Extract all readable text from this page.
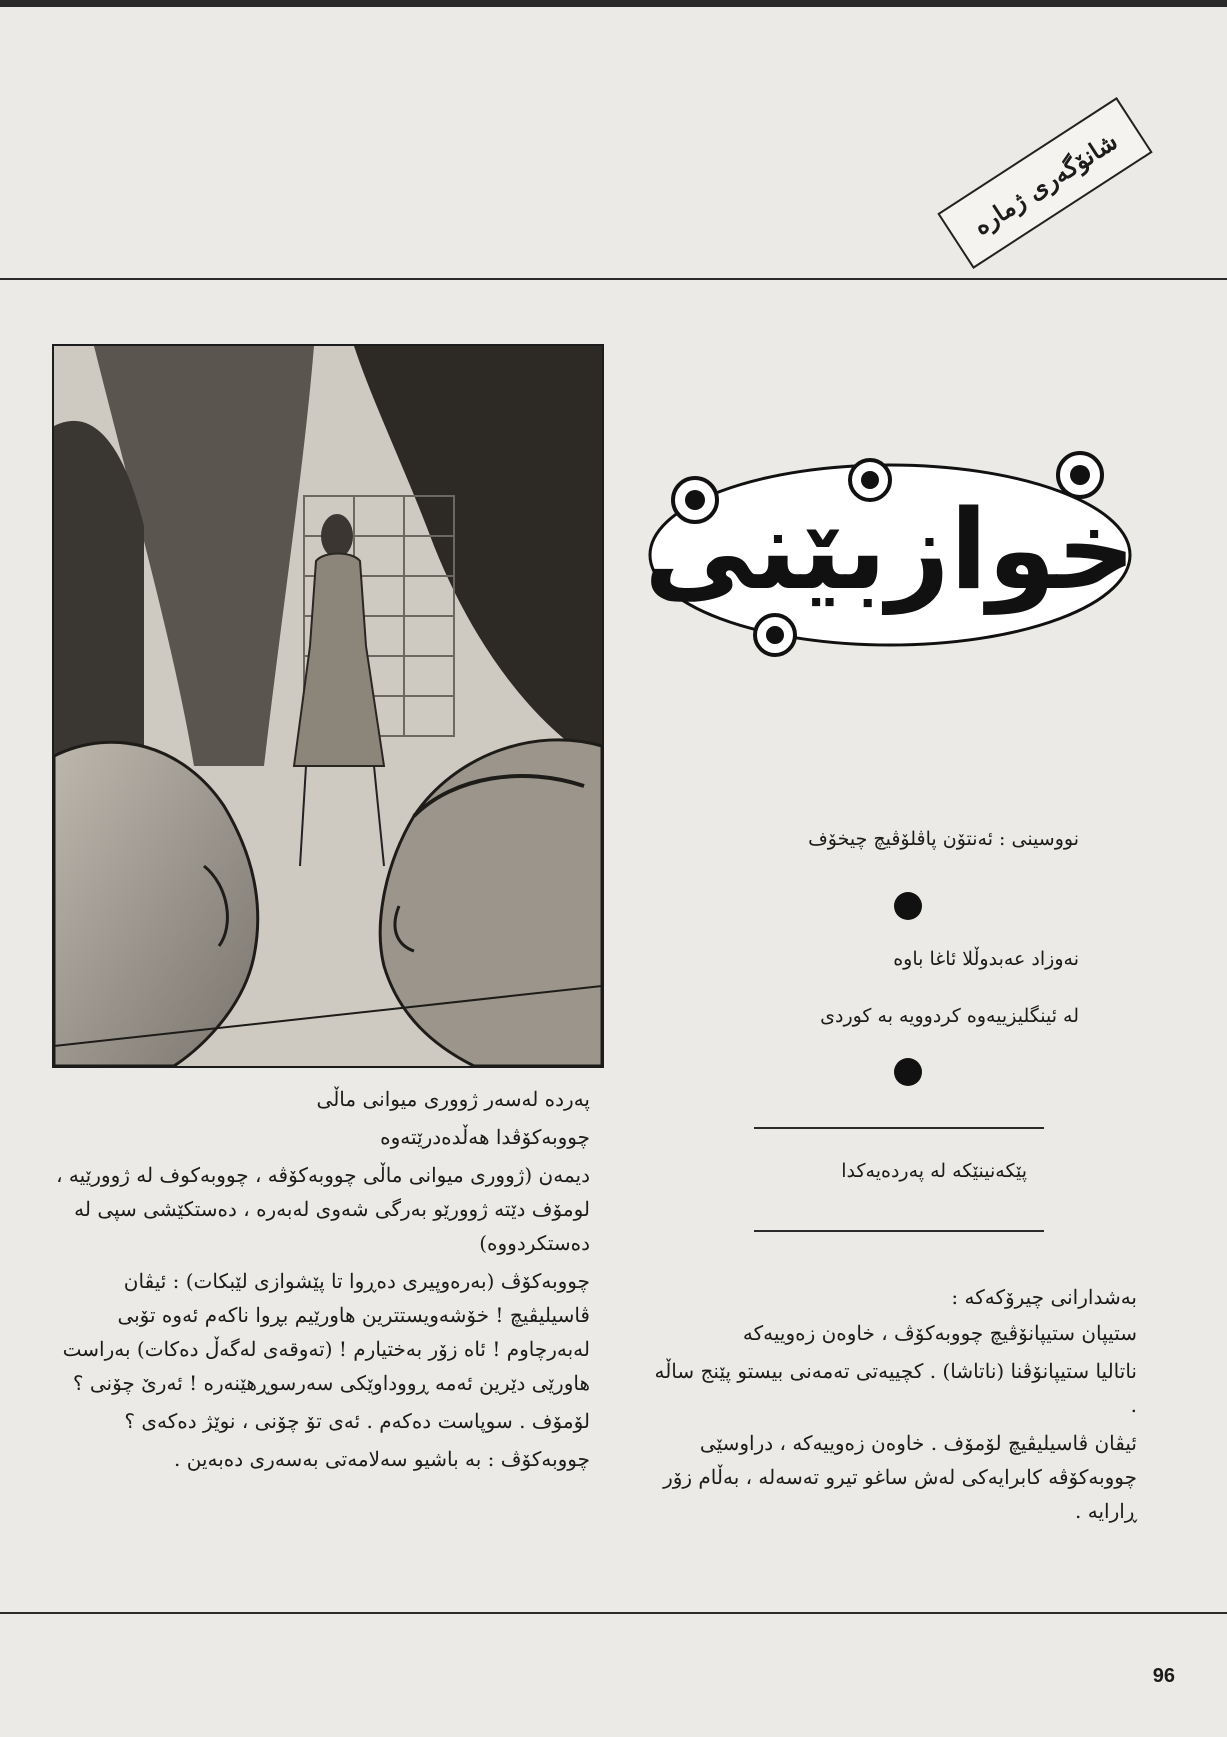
شانۆگەری ژمارە
خوازبێنی
نووسینی : ئەنتۆن پاڤلۆڤیچ چیخۆف
نەوزاد عەبدوڵلا ئاغا باوە
لە ئینگلیزییەوە کردوویە بە کوردی
پێکەنینێکە لە پەردەیەکدا

پەردە لەسەر ژووری میوانی ماڵی

چووبەکۆڤدا هەڵدەدرێتەوە

دیمەن (ژووری میوانی ماڵی چووبەکۆڤە ، چووبەکوف لە ژوورێیە ، لومۆف دێتە ژوورێو بەرگی شەوی لەبەرە ، دەستکێشی سپی لە دەستکردووە)

چووبەکۆڤ (بەرەوپیری دەڕوا تا پێشوازی لێبکات) : ئیڤان ڤاسیلیڤیچ ! خۆشەویستترین هاورێیم بڕوا ناکەم ئەوە تۆبی لەبەرچاوم ! ئاە زۆر بەختیارم ! (تەوقەی لەگەڵ دەکات) بەراست هاورێی دێرین ئەمە ڕووداوێکی سەرسوڕهێنەرە ! ئەرێ چۆنی ؟

لۆمۆف . سوپاست دەکەم . ئەی تۆ چۆنی ، نوێژ دەکەی ؟

چووبەکۆڤ : بە باشیو سەلامەتی بەسەری دەبەین .

بەشدارانی چیرۆکەکە :

ستیپان ستیپانۆڤیچ چووبەکۆڤ ، خاوەن زەوییەکە

ناتالیا ستیپانۆڤنا (ناتاشا) . کچییەتی تەمەنی بیستو پێنج ساڵە .

ئیڤان ڤاسیلیڤیچ لۆمۆف . خاوەن زەوییەکە ، دراوسێی چووبەکۆڤە کابرایەکی لەش ساغو تیرو تەسەلە ، بەڵام زۆر ڕارایە .

96
